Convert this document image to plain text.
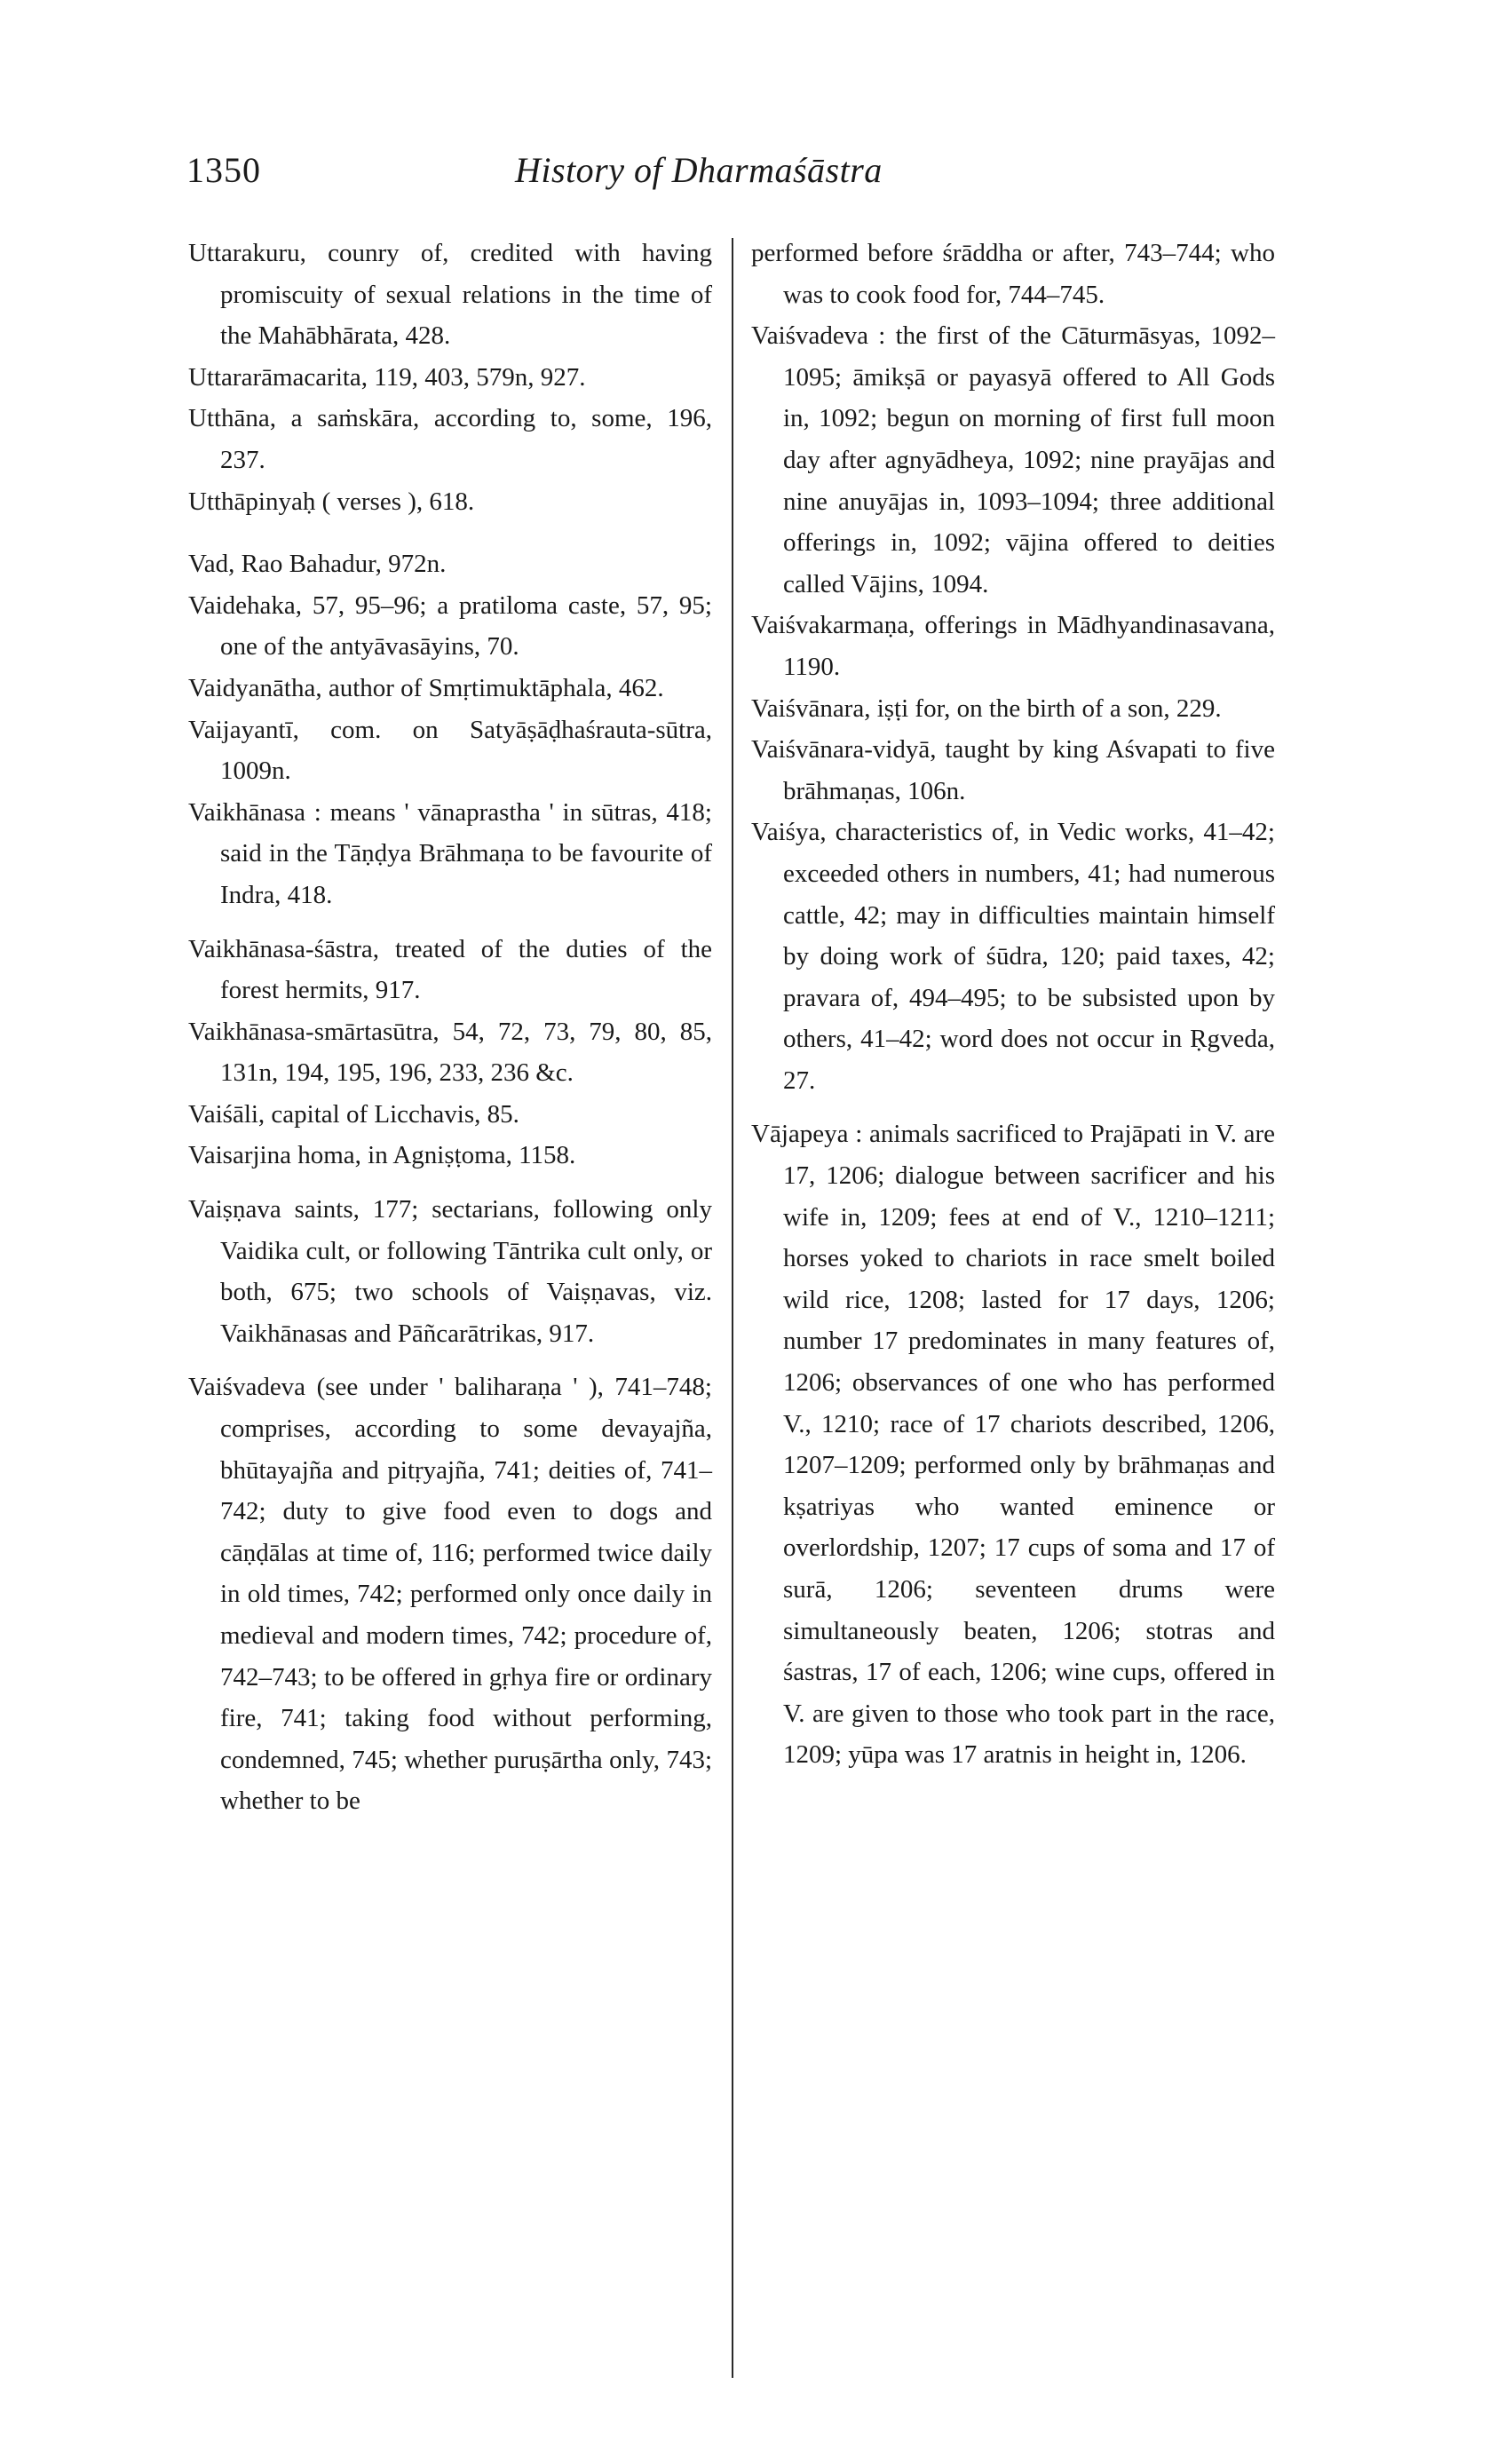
1350	History of Dharmaśāstra

Uttarakuru, counry of, credited with having promiscuity of sexual relations in the time of the Mahābhārata, 428.

Uttararāmacarita, 119, 403, 579n, 927.

Utthāna, a saṁskāra, according to, some, 196, 237.

Utthāpinyaḥ ( verses ), 618.

Vad, Rao Bahadur, 972n.

Vaidehaka, 57, 95–96; a pratiloma caste, 57, 95; one of the antyāvasāyins, 70.

Vaidyanātha, author of Smṛtimuktāphala, 462.

Vaijayantī, com. on Satyāṣāḍhaśrauta-sūtra, 1009n.

Vaikhānasa : means ' vānaprastha ' in sūtras, 418; said in the Tāṇḍya Brāhmaṇa to be favourite of Indra, 418.

Vaikhānasa-śāstra, treated of the duties of the forest hermits, 917.

Vaikhānasa-smārtasūtra, 54, 72, 73, 79, 80, 85, 131n, 194, 195, 196, 233, 236 &c.

Vaiśāli, capital of Licchavis, 85.

Vaisarjina homa, in Agniṣṭoma, 1158.

Vaiṣṇava saints, 177; sectarians, following only Vaidika cult, or following Tāntrika cult only, or both, 675; two schools of Vaiṣṇavas, viz. Vaikhānasas and Pāñcarātrikas, 917.

Vaiśvadeva (see under ' baliharaṇa ' ), 741–748; comprises, according to some devayajña, bhūtayajña and pitṛyajña, 741; deities of, 741–742; duty to give food even to dogs and cāṇḍālas at time of, 116; performed twice daily in old times, 742; performed only once daily in medieval and modern times, 742; procedure of, 742–743; to be offered in gṛhya fire or ordinary fire, 741; taking food without performing, condemned, 745; whether puruṣārtha only, 743; whether to be

performed before śrāddha or after, 743–744; who was to cook food for, 744–745.

Vaiśvadeva : the first of the Cāturmāsyas, 1092–1095; āmikṣā or payasyā offered to All Gods in, 1092; begun on morning of first full moon day after agnyādheya, 1092; nine prayājas and nine anuyājas in, 1093–1094; three additional offerings in, 1092; vājina offered to deities called Vājins, 1094.

Vaiśvakarmaṇa, offerings in Mādhyandinasavana, 1190.

Vaiśvānara, iṣṭi for, on the birth of a son, 229.

Vaiśvānara-vidyā, taught by king Aśvapati to five brāhmaṇas, 106n.

Vaiśya, characteristics of, in Vedic works, 41–42; exceeded others in numbers, 41; had numerous cattle, 42; may in difficulties maintain himself by doing work of śūdra, 120; paid taxes, 42; pravara of, 494–495; to be subsisted upon by others, 41–42; word does not occur in Ṛgveda, 27.

Vājapeya : animals sacrificed to Prajāpati in V. are 17, 1206; dialogue between sacrificer and his wife in, 1209; fees at end of V., 1210–1211; horses yoked to chariots in race smelt boiled wild rice, 1208; lasted for 17 days, 1206; number 17 predominates in many features of, 1206; observances of one who has performed V., 1210; race of 17 chariots described, 1206, 1207–1209; performed only by brāhmaṇas and kṣatriyas who wanted eminence or overlordship, 1207; 17 cups of soma and 17 of surā, 1206; seventeen drums were simultaneously beaten, 1206; stotras and śastras, 17 of each, 1206; wine cups, offered in V. are given to those who took part in the race, 1209; yūpa was 17 aratnis in height in, 1206.
